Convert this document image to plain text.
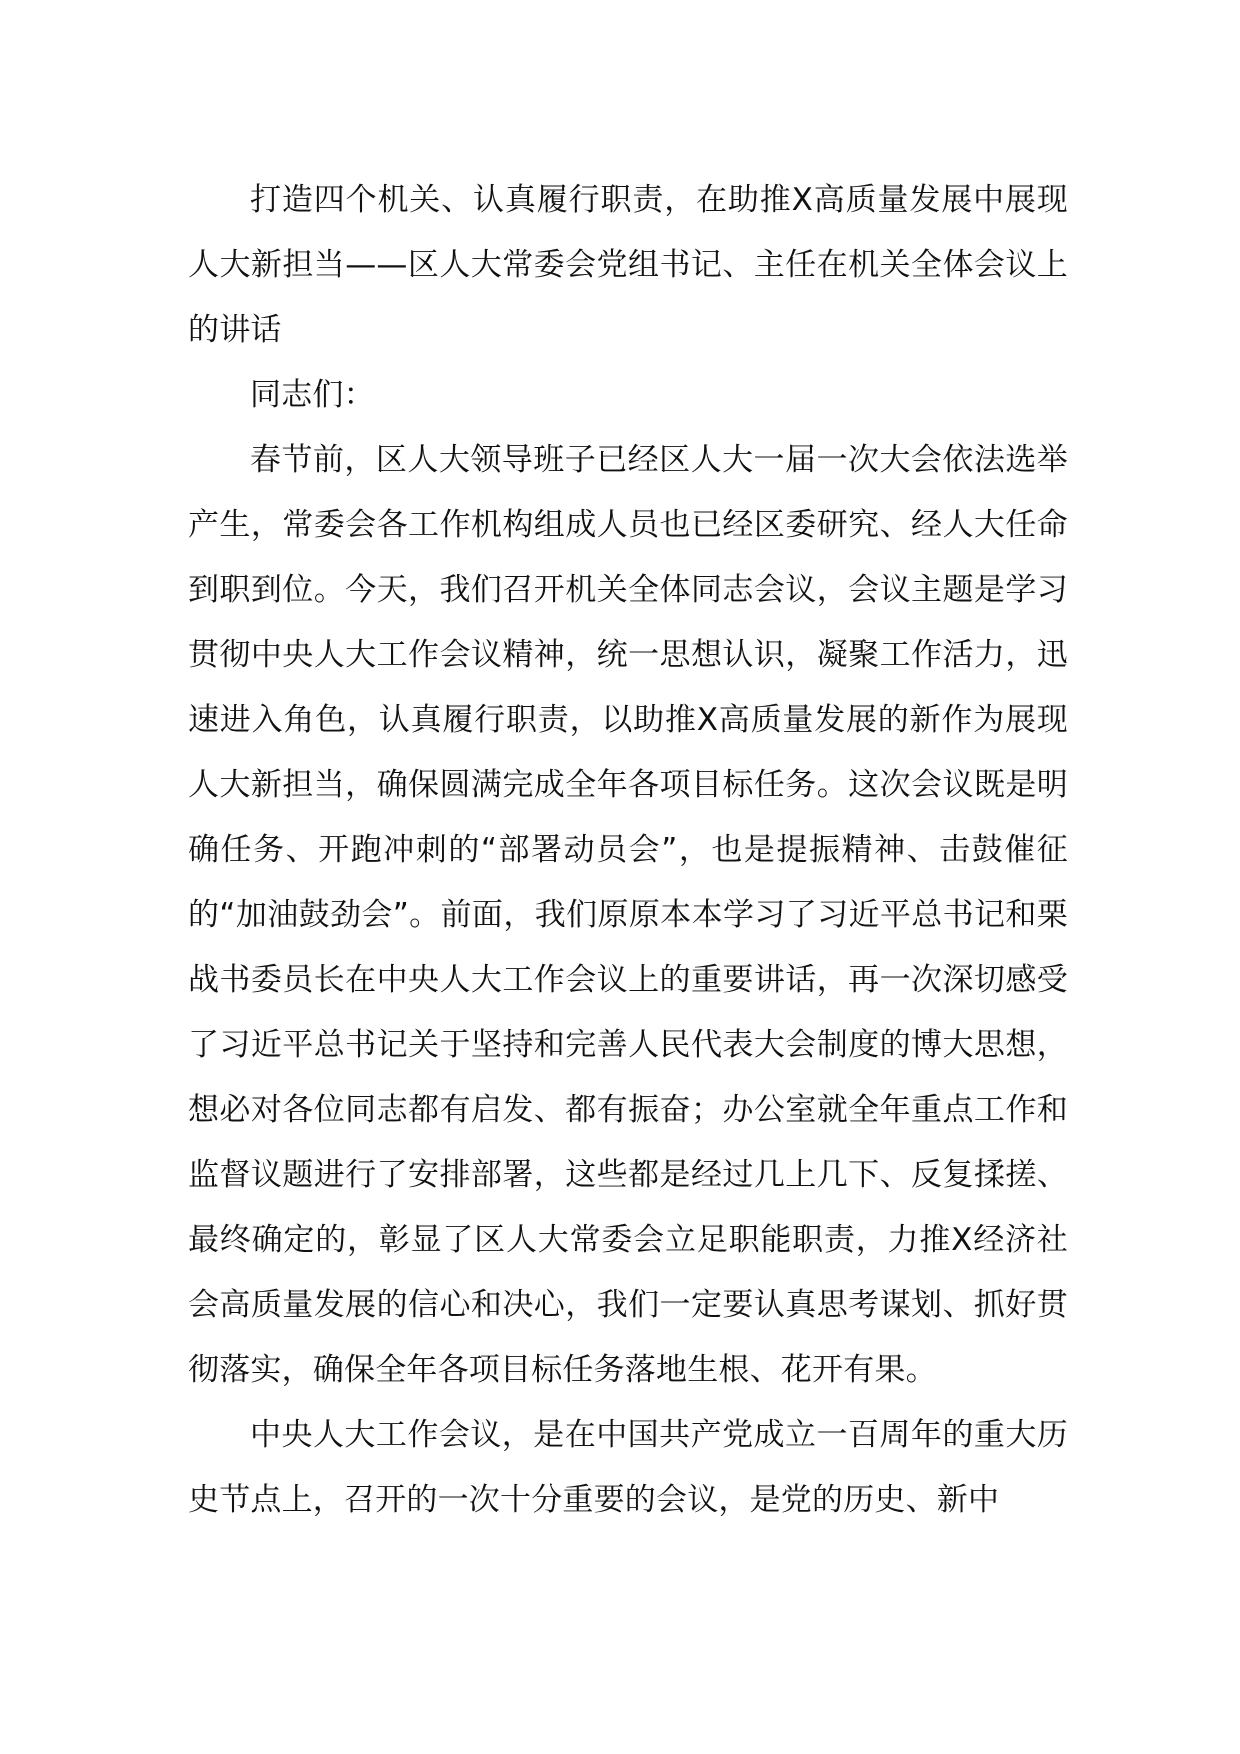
打造四个机关、认真履行职责，在助推X高质量发展中展现人大新担当——区人大常委会党组书记、主任在机关全体会议上的讲话

同志们：

春节前，区人大领导班子已经区人大一届一次大会依法选举产生，常委会各工作机构组成人员也已经区委研究、经人大任命到职到位。今天，我们召开机关全体同志会议，会议主题是学习贯彻中央人大工作会议精神，统一思想认识，凝聚工作活力，迅速进入角色，认真履行职责，以助推X高质量发展的新作为展现人大新担当，确保圆满完成全年各项目标任务。这次会议既是明确任务、开跑冲刺的“部署动员会”，也是提振精神、击鼓催征的“加油鼓劲会”。前面，我们原原本本学习了习近平总书记和栗战书委员长在中央人大工作会议上的重要讲话，再一次深切感受了习近平总书记关于坚持和完善人民代表大会制度的博大思想，想必对各位同志都有启发、都有振奋；办公室就全年重点工作和监督议题进行了安排部署，这些都是经过几上几下、反复揉搓、最终确定的，彰显了区人大常委会立足职能职责，力推X经济社会高质量发展的信心和决心，我们一定要认真思考谋划、抓好贯彻落实，确保全年各项目标任务落地生根、花开有果。

中央人大工作会议，是在中国共产党成立一百周年的重大历史节点上，召开的一次十分重要的会议，是党的历史、新中
